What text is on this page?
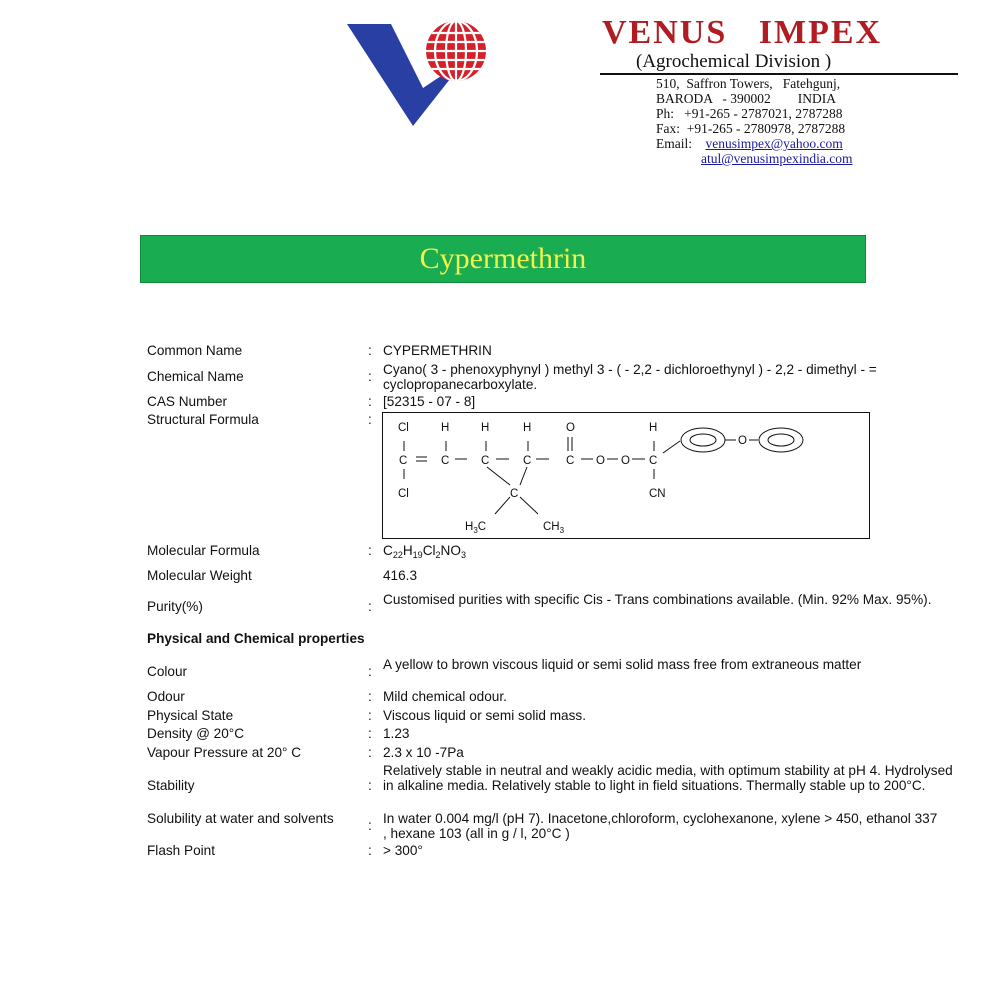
VENUS   IMPEX
(Agrochemical Division )
510,  Saffron Towers,   Fatehgunj,
BARODA   - 390002        INDIA
Ph:   +91-265 - 2787021, 2787288
Fax:  +91-265 - 2780978, 2787288
Email: venusimpex@yahoo.com
atul@venusimpexindia.com
Cypermethrin
Common Name	: CYPERMETHRIN
Chemical Name	: Cyano( 3 - phenoxyphynyl ) methyl 3 - ( - 2,2 - dichloroethynyl ) - 2,2 - dimethyl - = cyclopropanecarboxylate.
CAS Number	: [52315 - 07 - 8]
Structural Formula	:
Cl	H	H	H	O	H
C	C	C	C	C O O C
Cl	C	CN
$H_3C$	$CH_3$
O
Molecular Formula	: $C_{22}H_{19}Cl_2NO_3$
Molecular Weight	416.3
Purity(%)	: Customised purities with specific Cis - Trans combinations available. (Min. 92% Max. 95%).
Physical and Chemical properties
Colour	: A yellow to brown viscous liquid or semi solid mass free from extraneous matter
Odour	: Mild chemical odour.
Physical State	: Viscous liquid or semi solid mass.
Density @ 20°C	: 1.23
Vapour Pressure at 20° C	: 2.3 x 10 -7Pa
Stability	:
Relatively stable in neutral and weakly acidic media, with optimum stability at pH 4. Hydrolysed in alkaline media. Relatively stable to light in field situations. Thermally stable up to 200°C.
Solubility at water and solvents	: In water 0.004 mg/l (pH 7). Inacetone,chloroform, cyclohexanone, xylene > 450, ethanol 337 , hexane 103 (all in g / l, 20°C )
Flash Point	: > 300°
